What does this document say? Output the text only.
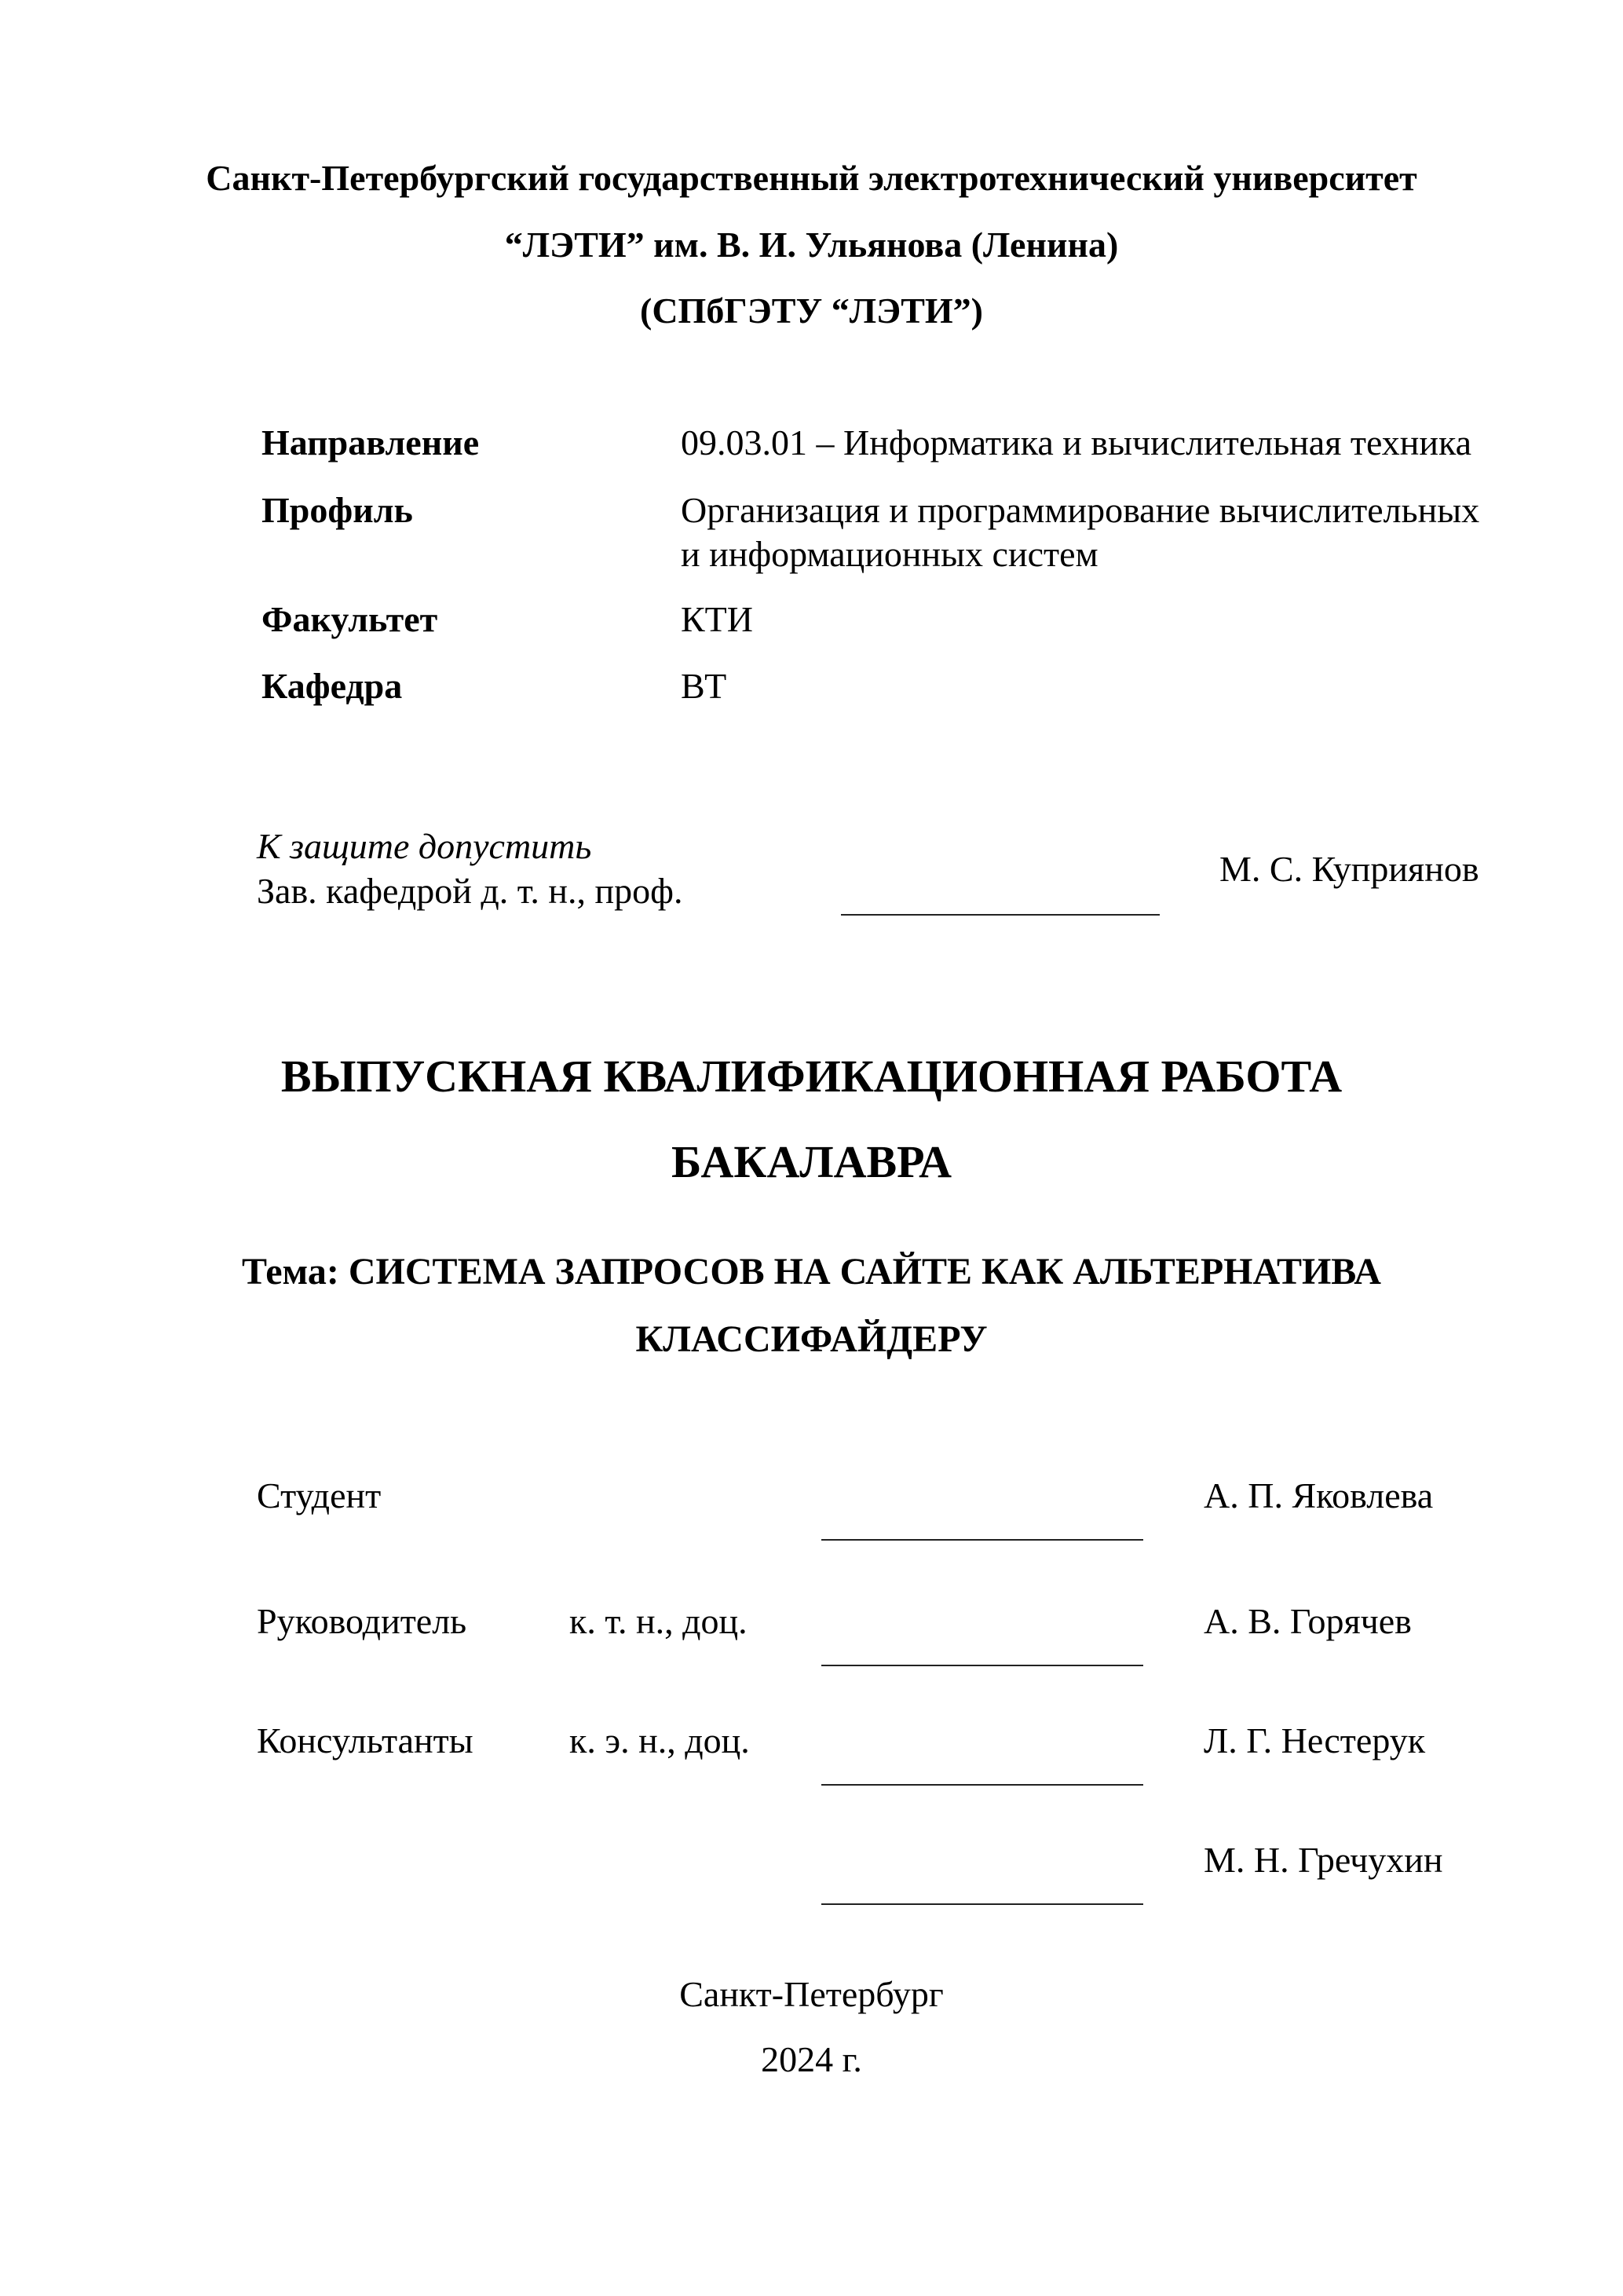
Санкт-Петербургский государственный электротехнический университет
“ЛЭТИ” им. В. И. Ульянова (Ленина)
(СПбГЭТУ “ЛЭТИ”)
Направление	09.03.01 – Информатика и вычислительная техника
Профиль	Организация и программирование вычислительных
и информационных систем
Факультет	КТИ
Кафедра	ВТ
К защите допустить
Зав. кафедрой д. т. н., проф.
М. С. Куприянов
ВЫПУСКНАЯ КВАЛИФИКАЦИОННАЯ РАБОТА
БАКАЛАВРА
Тема: СИСТЕМА ЗАПРОСОВ НА САЙТЕ КАК АЛЬТЕРНАТИВА
КЛАССИФАЙДЕРУ
Студент	А. П. Яковлева
Руководитель	к. т. н., доц.	А. В. Горячев
Консультанты	к. э. н., доц.	Л. Г. Нестерук
М. Н. Гречухин
Санкт-Петербург
2024 г.
